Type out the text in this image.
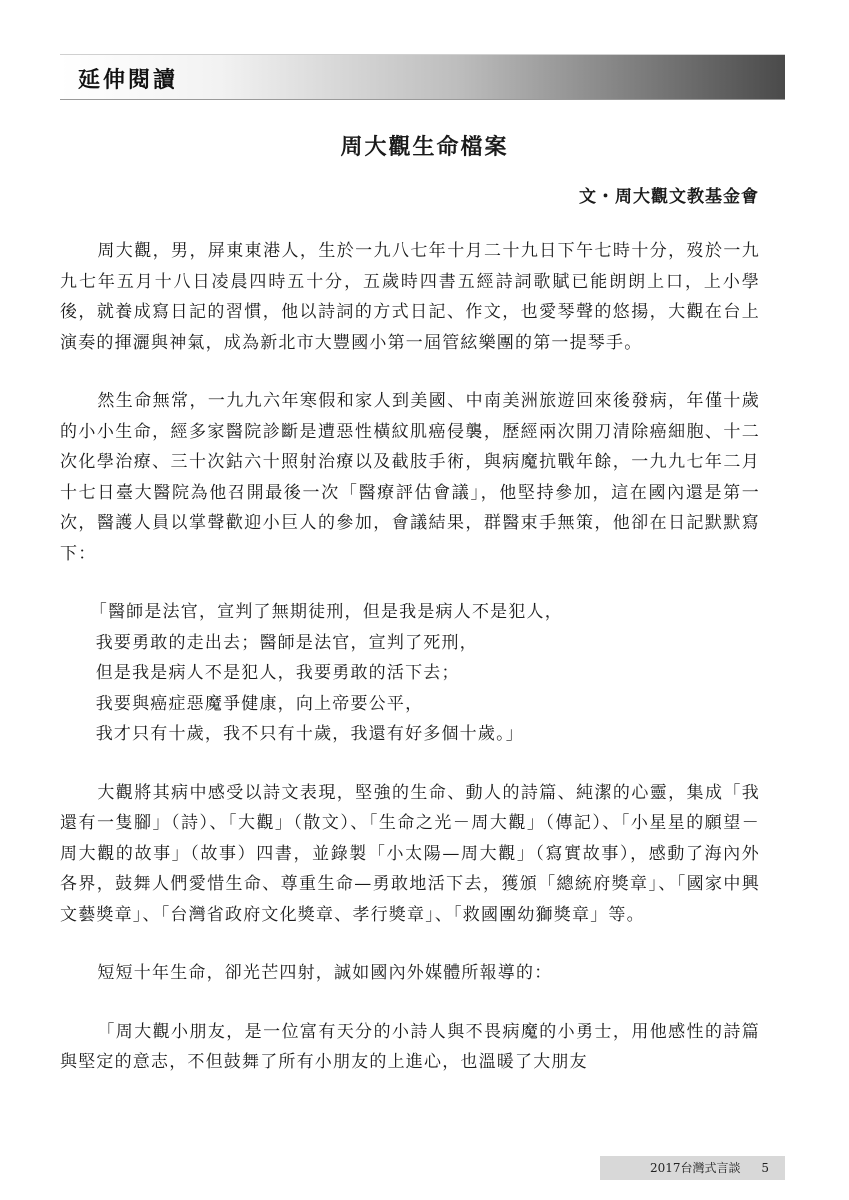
延伸閱讀
周大觀生命檔案
文・周大觀文教基金會

周大觀，男，屏東東港人，生於一九八七年十月二十九日下午七時十分，歿於一九九七年五月十八日凌晨四時五十分，五歲時四書五經詩詞歌賦已能朗朗上口，上小學後，就養成寫日記的習慣，他以詩詞的方式日記、作文，也愛琴聲的悠揚，大觀在台上演奏的揮灑與神氣，成為新北市大豐國小第一屆管絃樂團的第一提琴手。

然生命無常，一九九六年寒假和家人到美國、中南美洲旅遊回來後發病，年僅十歲的小小生命，經多家醫院診斷是遭惡性橫紋肌癌侵襲，歷經兩次開刀清除癌細胞、十二次化學治療、三十次鈷六十照射治療以及截肢手術，與病魔抗戰年餘，一九九七年二月十七日臺大醫院為他召開最後一次「醫療評估會議」，他堅持參加，這在國內還是第一次，醫護人員以掌聲歡迎小巨人的參加，會議結果，群醫束手無策，他卻在日記默默寫下：

「醫師是法官，宣判了無期徒刑，但是我是病人不是犯人，
我要勇敢的走出去；醫師是法官，宣判了死刑，
但是我是病人不是犯人，我要勇敢的活下去；
我要與癌症惡魔爭健康，向上帝要公平，
我才只有十歲，我不只有十歲，我還有好多個十歲。」

大觀將其病中感受以詩文表現，堅強的生命、動人的詩篇、純潔的心靈，集成「我還有一隻腳」（詩）、「大觀」（散文）、「生命之光－周大觀」（傳記）、「小星星的願望－周大觀的故事」（故事）四書，並錄製「小太陽—周大觀」（寫實故事），感動了海內外各界，鼓舞人們愛惜生命、尊重生命—勇敢地活下去，獲頒「總統府獎章」、「國家中興文藝獎章」、「台灣省政府文化獎章、孝行獎章」、「救國團幼獅獎章」等。

短短十年生命，卻光芒四射，誠如國內外媒體所報導的：

「周大觀小朋友，是一位富有天分的小詩人與不畏病魔的小勇士，用他感性的詩篇與堅定的意志，不但鼓舞了所有小朋友的上進心，也溫暖了大朋友

2017台灣式言談 5
